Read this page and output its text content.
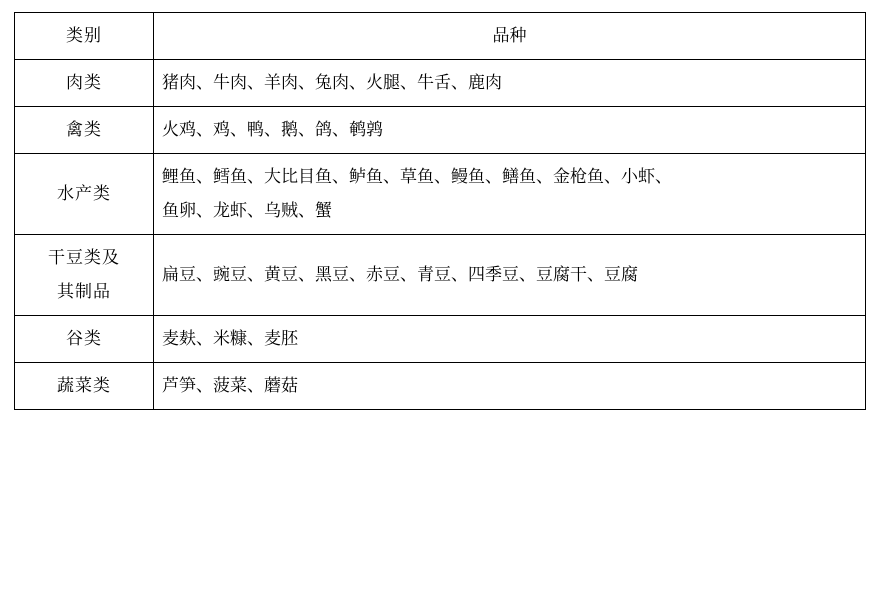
类别	品种

肉类	猪肉、牛肉、羊肉、兔肉、火腿、牛舌、鹿肉

禽类	火鸡、鸡、鸭、鹅、鸽、鹌鹑

水产类	鲤鱼、鳕鱼、大比目鱼、鲈鱼、草鱼、鳗鱼、鳝鱼、金枪鱼、小虾、
鱼卵、龙虾、乌贼、蟹

干豆类及
其制品	扁豆、豌豆、黄豆、黑豆、赤豆、青豆、四季豆、豆腐干、豆腐

谷类	麦麸、米糠、麦胚

蔬菜类	芦笋、菠菜、蘑菇
